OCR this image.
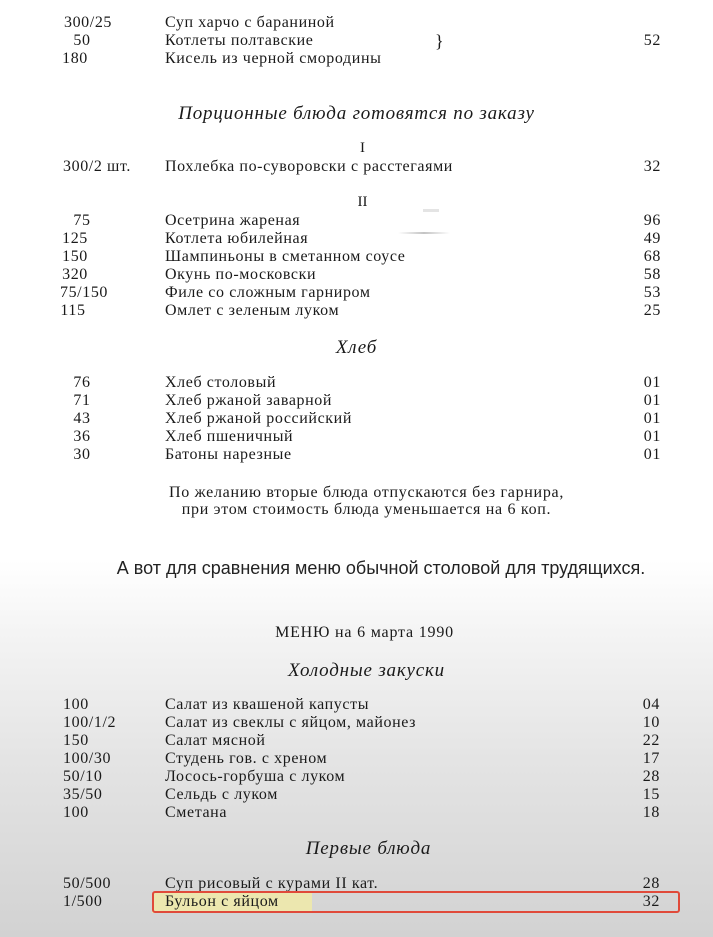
300/25	Суп харчо с бараниной
50	Котлеты полтавские	52
}
180	Кисель из черной смородины
Порционные блюда готовятся по заказу
I
300/2 шт.	Похлебка по-суворовски с расстегаями	32
II
75	Осетрина жареная	96
125	Котлета юбилейная	49
150	Шампиньоны в сметанном соусе	68
320	Окунь по-московски	58
75/150	Филе со сложным гарниром	53
115	Омлет с зеленым луком	25
Хлеб
76	Хлеб столовый	01
71	Хлеб ржаной заварной	01
43	Хлеб ржаной российский	01
36	Хлеб пшеничный	01
30	Батоны нарезные	01
По желанию вторые блюда отпускаются без гарнира,
при этом стоимость блюда уменьшается на 6 коп.
А вот для сравнения меню обычной столовой для трудящихся.
МЕНЮ на 6 марта 1990
Холодные закуски
100	Салат из квашеной капусты	04
100/1/2	Салат из свеклы с яйцом, майонез	10
150	Салат мясной	22
100/30	Студень гов. с хреном	17
50/10	Лосось-горбуша с луком	28
35/50	Сельдь с луком	15
100	Сметана	18
Первые блюда
50/500	Суп рисовый с курами II кат.	28
1/500	Бульон с яйцом	32
